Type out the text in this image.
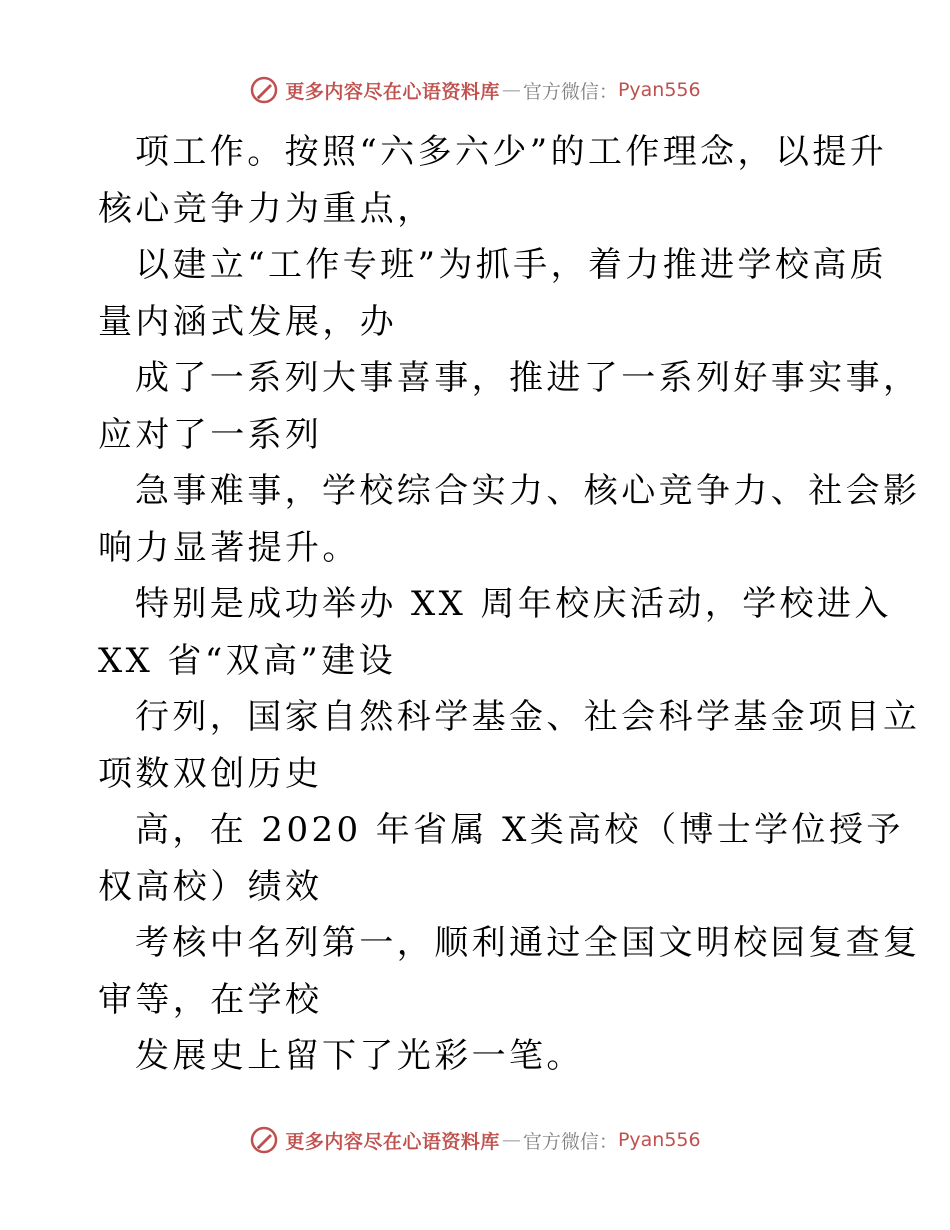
更多内容尽在心语资料库 — 官方微信： Pyan556

项工作。按照“六多六少”的工作理念，以提升
核心竞争力为重点，

以建立“工作专班”为抓手，着力推进学校高质
量内涵式发展，办

成了一系列大事喜事，推进了一系列好事实事，
应对了一系列

急事难事，学校综合实力、核心竞争力、社会影
响力显著提升。

特别是成功举办 XX 周年校庆活动，学校进入
XX 省“双高”建设

行列，国家自然科学基金、社会科学基金项目立
项数双创历史

高，在 2020 年省属 X类高校（博士学位授予
权高校）绩效

考核中名列第一，顺利通过全国文明校园复查复
审等，在学校

发展史上留下了光彩一笔。

更多内容尽在心语资料库 — 官方微信： Pyan556
